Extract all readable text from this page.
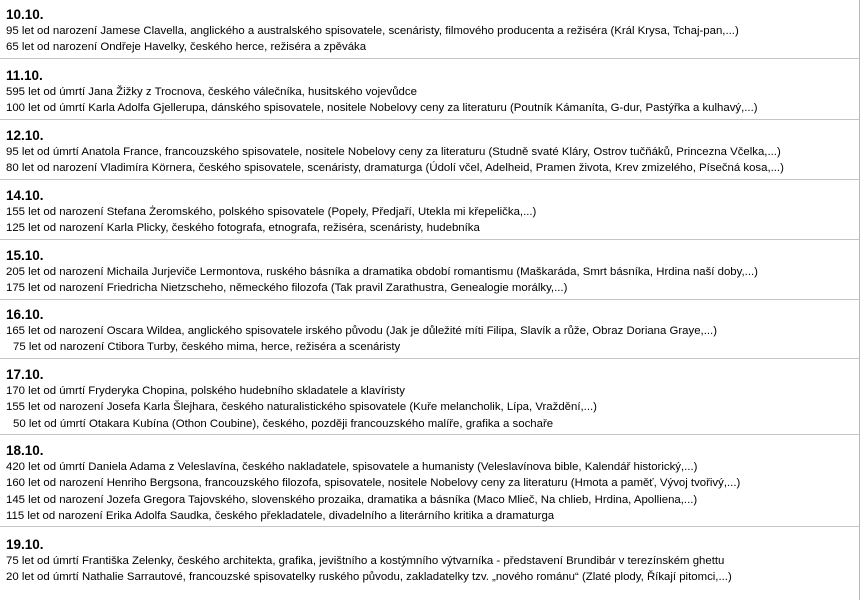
10.10.
95 let od narození Jamese Clavella, anglického a australského spisovatele, scenáristy, filmového producenta a režiséra (Král Krysa, Tchaj-pan,...)
65 let od narození Ondřeje Havelky, českého herce, režiséra a zpěváka
11.10.
595 let od úmrtí Jana Žižky z Trocnova, českého válečníka, husitského vojevůdce
100 let od úmrtí Karla Adolfa Gjellerupa, dánského spisovatele, nositele Nobelovy ceny za literaturu (Poutník Kámaníta, G-dur, Pastýřka a kulhavý,...)
12.10.
95 let od úmrtí Anatola France, francouzského spisovatele, nositele Nobelovy ceny za literaturu (Studně svaté Kláry, Ostrov tučňáků, Princezna Včelka,...)
80 let od narození Vladimíra Körnera, českého spisovatele, scenáristy, dramaturga (Údolí včel, Adelheid, Pramen života, Krev zmizelého, Písečná kosa,...)
14.10.
155 let od narození Stefana Żeromského, polského spisovatele (Popely, Předjaří, Utekla mi křepelička,...)
125 let od narození Karla Plicky, českého fotografa, etnografa, režiséra, scenáristy, hudebníka
15.10.
205 let od narození Michaila Jurjeviče Lermontova, ruského básníka a dramatika období romantismu (Maškaráda, Smrt básníka, Hrdina naší doby,...)
175 let od narození Friedricha Nietzscheho, německého filozofa (Tak pravil Zarathustra, Genealogie morálky,...)
16.10.
165 let od narození Oscara Wildea, anglického spisovatele irského původu (Jak je důležité míti Filipa, Slavík a růže, Obraz Doriana Graye,...)
75 let od narození Ctibora Turby, českého mima, herce, režiséra a scenáristy
17.10.
170 let od úmrtí Fryderyka Chopina, polského hudebního skladatele a klavíristy
155 let od narození Josefa Karla Šlejhara, českého naturalistického spisovatele (Kuře melancholik, Lípa, Vraždění,...)
50 let od úmrtí Otakara Kubína (Othon Coubine), českého, později francouzského malíře, grafika a sochaře
18.10.
420 let od úmrtí Daniela Adama z Veleslavína, českého nakladatele, spisovatele a humanisty (Veleslavínova bible, Kalendář historický,...)
160 let od narození Henriho Bergsona, francouzského filozofa, spisovatele, nositele Nobelovy ceny za literaturu (Hmota a paměť, Vývoj tvořivý,...)
145 let od narození Jozefa Gregora Tajovského, slovenského prozaika, dramatika a básníka (Maco Mlieč, Na chlieb, Hrdina, Apolliena,...)
115 let od narození Erika Adolfa Saudka, českého překladatele, divadelního a literárního kritika a dramaturga
19.10.
75 let od úmrtí Františka Zelenky, českého architekta, grafika, jevištního a kostýmního výtvarníka - představení Brundibár v terezínském ghettu
20 let od úmrtí Nathalie Sarrautové, francouzské spisovatelky ruského původu, zakladatelky tzv. „nového románu“ (Zlaté plody, Říkají pitomci,...)
